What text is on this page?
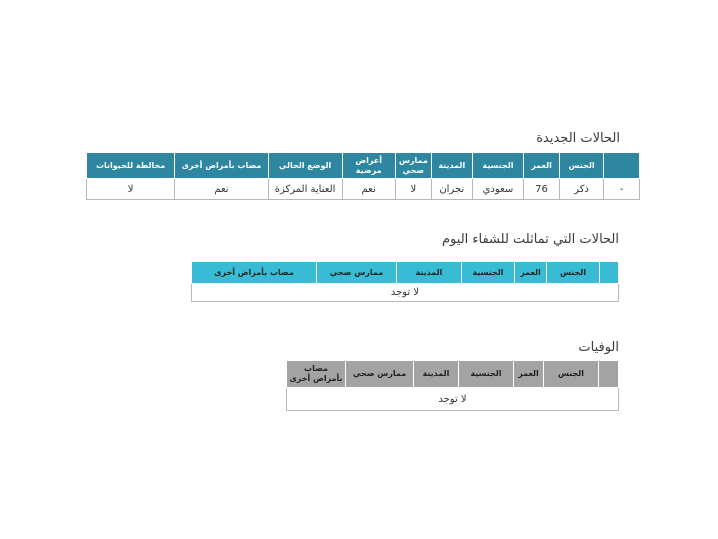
الحالات الجديدة
	الجنس	العمر	الجنسية	المدينة	ممارس صحي	أعراض مرضية	الوضع الحالي	مصاب بأمراض أخرى	مخالطة للحيوانات
-	ذكر	76	سعودي	نجران	لا	نعم	العناية المركزة	نعم	لا
الحالات التي تماثلت للشفاء اليوم
	الجنس	العمر	الجنسية	المدينة	ممارس صحي	مصاب بأمراض أخرى
لا توجد
الوفيات
	الجنس	العمر	الجنسية	المدينة	ممارس صحي	مصاب بأمراض أخرى
لا توجد
